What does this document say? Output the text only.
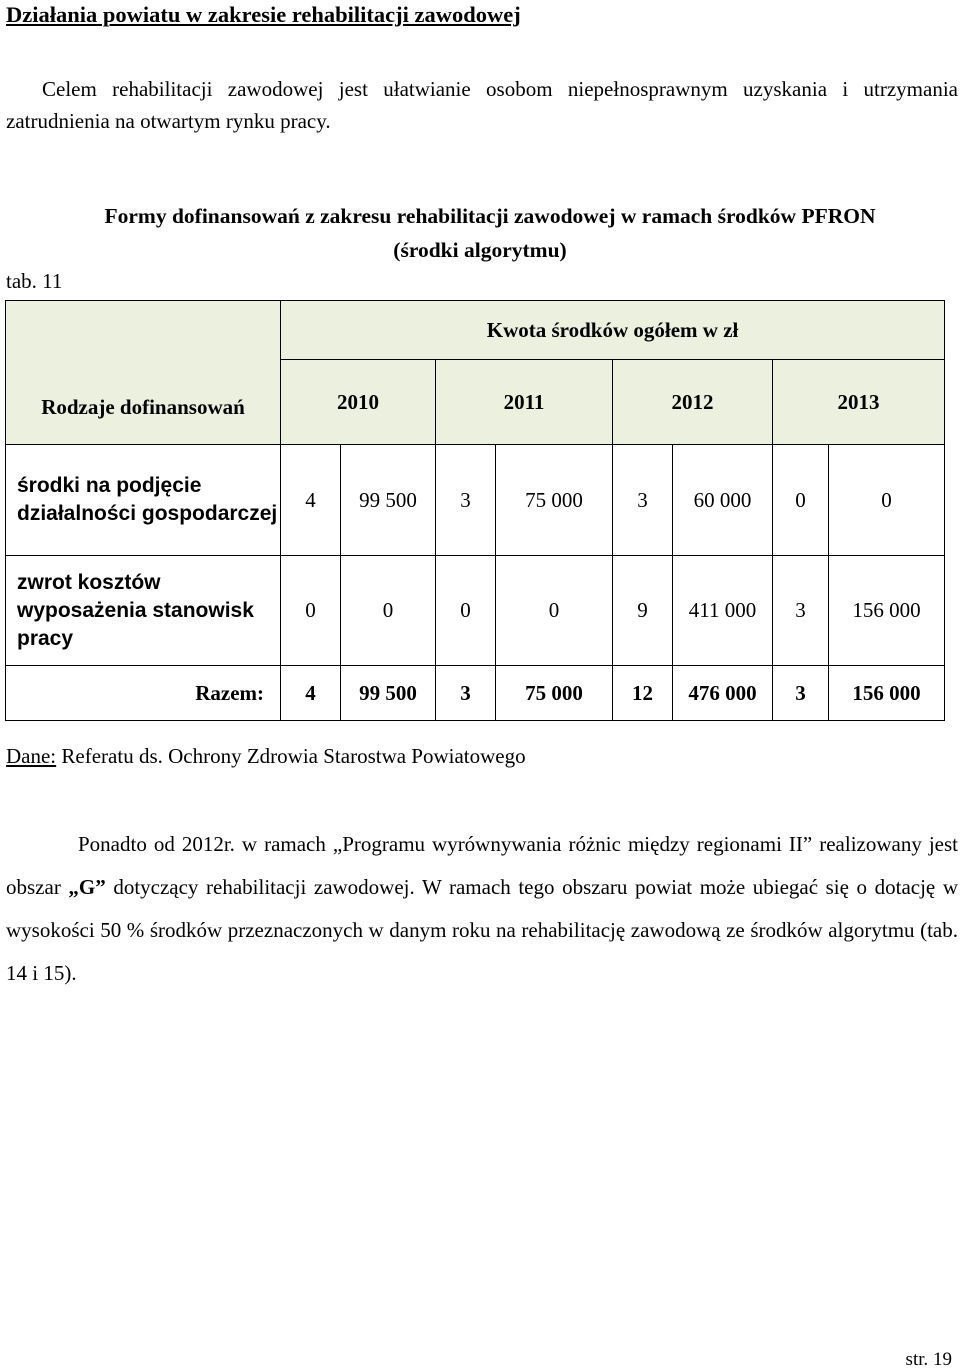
Działania powiatu w zakresie rehabilitacji zawodowej
Celem rehabilitacji zawodowej jest ułatwianie osobom niepełnosprawnym uzyskania i utrzymania zatrudnienia na otwartym rynku pracy.
Formy dofinansowań z zakresu rehabilitacji zawodowej w ramach środków PFRON
(środki algorytmu)
tab. 11
Rodzaje dofinansowań	Kwota środków ogółem w zł							
	2010		2011		2012		2013	
środki na podjęcie działalności gospodarczej	4	99 500	3	75 000	3	60 000	0	0
zwrot kosztów wyposażenia stanowisk pracy	0	0	0	0	9	411 000	3	156 000
Razem:	4	99 500	3	75 000	12	476 000	3	156 000
Dane: Referatu ds. Ochrony Zdrowia Starostwa Powiatowego
Ponadto od 2012r. w ramach „Programu wyrównywania różnic między regionami II” realizowany jest obszar „G” dotyczący rehabilitacji zawodowej. W ramach tego obszaru powiat może ubiegać się o dotację w wysokości 50 % środków przeznaczonych w danym roku na rehabilitację zawodową ze środków algorytmu (tab. 14 i 15).
str. 19
